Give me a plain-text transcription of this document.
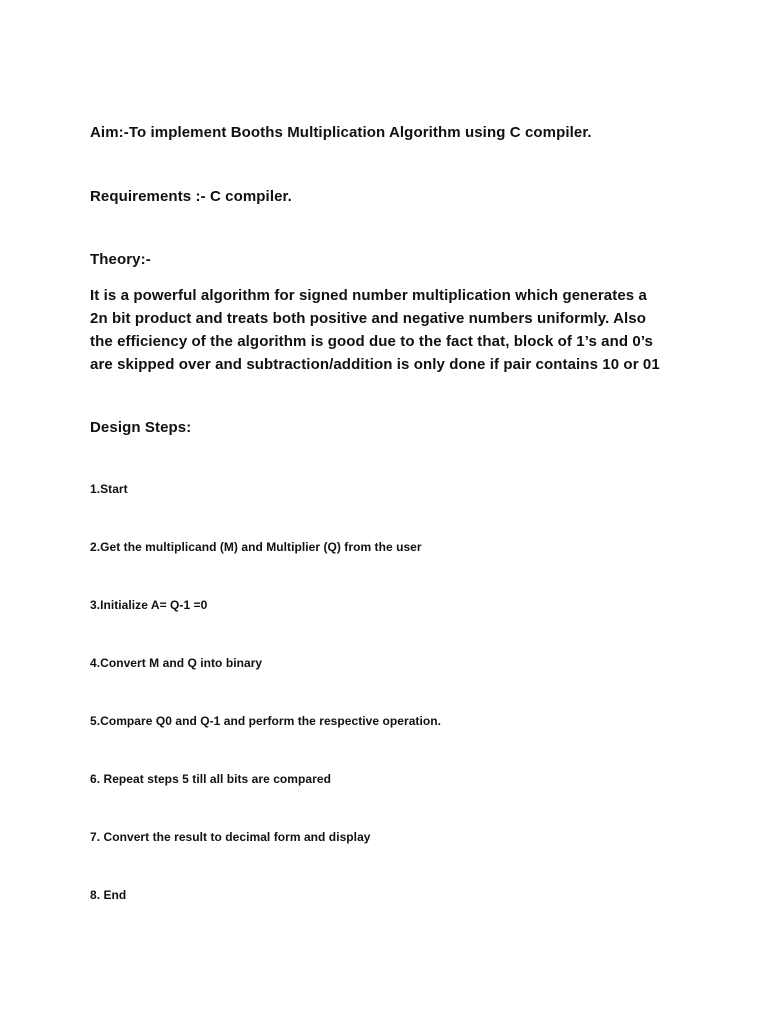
Aim:-To implement Booths Multiplication Algorithm using C compiler.

Requirements :- C compiler.

Theory:-

It is a powerful algorithm for signed number multiplication which generates a
2n bit product and treats both positive and negative numbers uniformly. Also
the efficiency of the algorithm is good due to the fact that, block of 1’s and 0’s
are skipped over and subtraction/addition is only done if pair contains 10 or 01

Design Steps:

1.Start

2.Get the multiplicand (M) and Multiplier (Q) from the user

3.Initialize A= Q-1 =0

4.Convert M and Q into binary

5.Compare Q0 and Q-1 and perform the respective operation.

6. Repeat steps 5 till all bits are compared

7. Convert the result to decimal form and display

8. End
